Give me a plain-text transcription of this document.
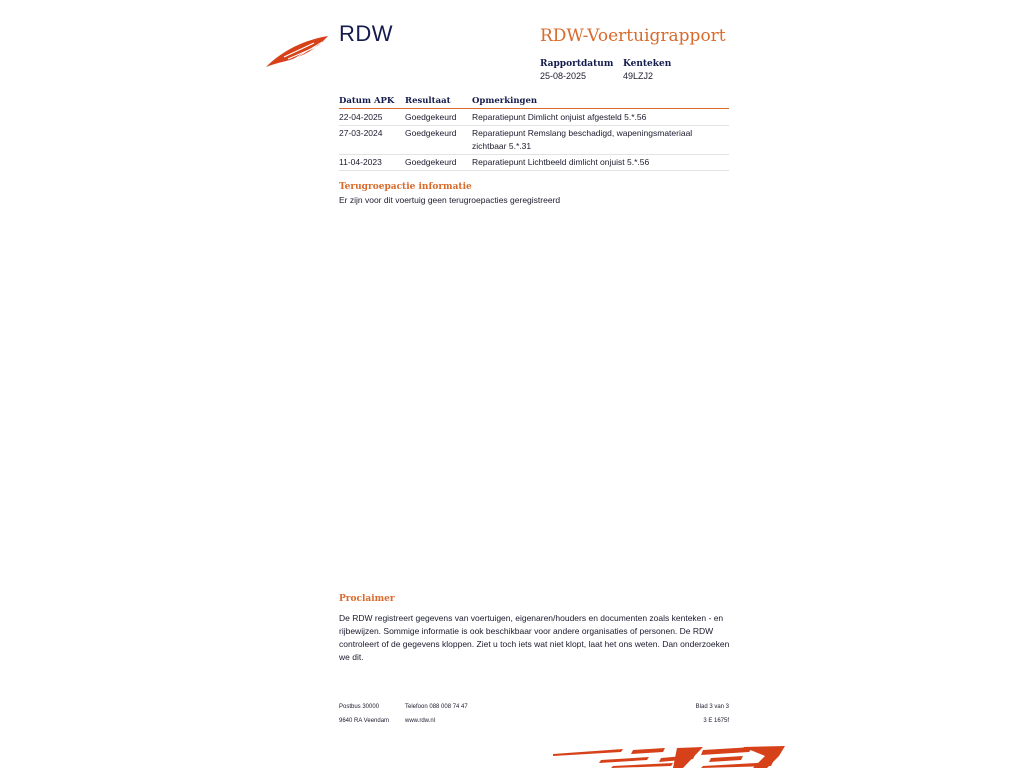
RDW	RDW-Voertuigrapport
Rapportdatum
25-08-2025
Kenteken
49LZJ2
Datum APK	Resultaat	Opmerkingen
22-04-2025	Goedgekeurd	Reparatiepunt Dimlicht onjuist afgesteld 5.*.56
27-03-2024	Goedgekeurd	Reparatiepunt Remslang beschadigd, wapeningsmateriaal zichtbaar 5.*.31
11-04-2023	Goedgekeurd	Reparatiepunt Lichtbeeld dimlicht onjuist 5.*.56
Terugroepactie informatie
Er zijn voor dit voertuig geen terugroepacties geregistreerd
Proclaimer
De RDW registreert gegevens van voertuigen, eigenaren/houders en documenten zoals kenteken - en rijbewijzen. Sommige informatie is ook beschikbaar voor andere organisaties of personen. De RDW controleert of de gegevens kloppen. Ziet u toch iets wat niet klopt, laat het ons weten. Dan onderzoeken we dit.
Postbus 30000
9640 RA Veendam
Telefoon 088 008 74 47
www.rdw.nl
Blad 3 van 3
3 E 1675f
